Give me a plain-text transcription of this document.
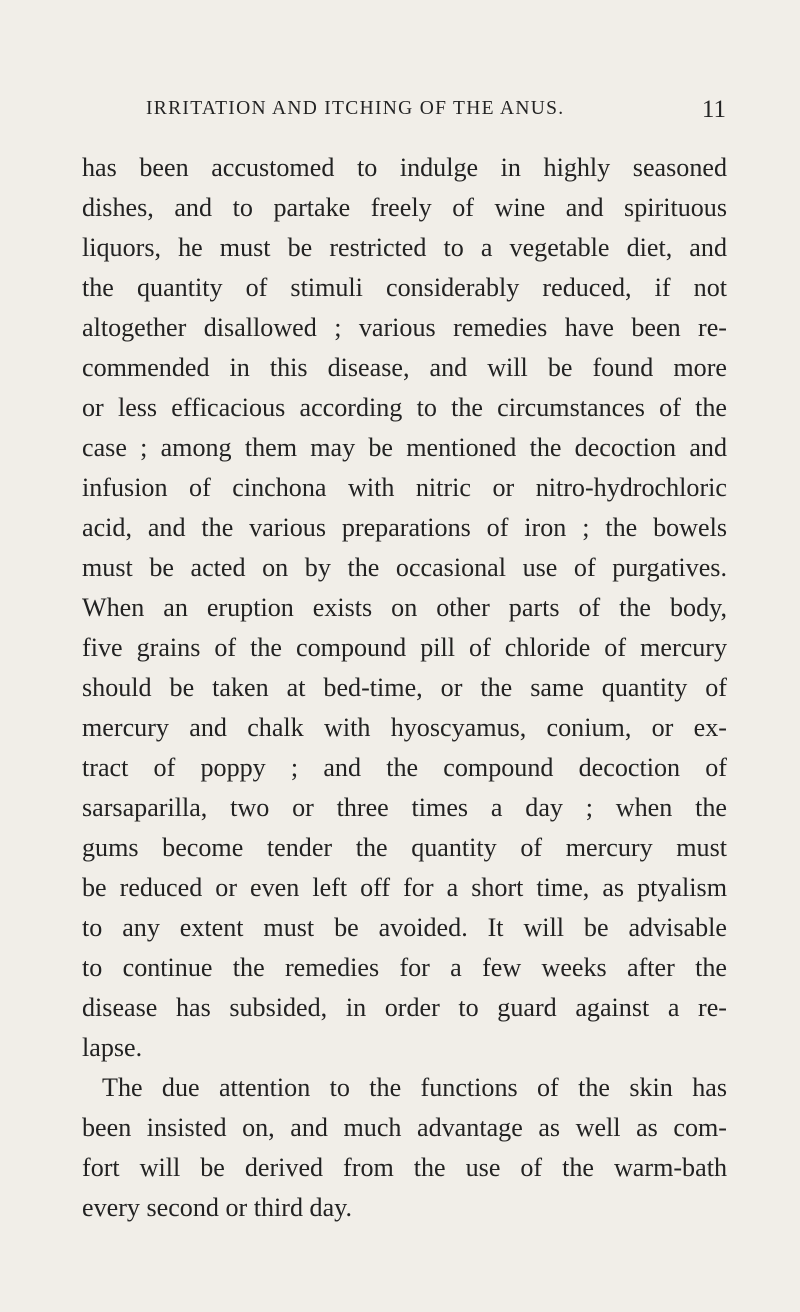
IRRITATION AND ITCHING OF THE ANUS.	11
has been accustomed to indulge in highly seasoned
dishes, and to partake freely of wine and spirituous
liquors, he must be restricted to a vegetable diet, and
the quantity of stimuli considerably reduced, if not
altogether disallowed ; various remedies have been re-
commended in this disease, and will be found more
or less efficacious according to the circumstances of the
case ; among them may be mentioned the decoction and
infusion of cinchona with nitric or nitro-hydrochloric
acid, and the various preparations of iron ; the bowels
must be acted on by the occasional use of purgatives.
When an eruption exists on other parts of the body,
five grains of the compound pill of chloride of mercury
should be taken at bed-time, or the same quantity of
mercury and chalk with hyoscyamus, conium, or ex-
tract of poppy ; and the compound decoction of
sarsaparilla, two or three times a day ; when the
gums become tender the quantity of mercury must
be reduced or even left off for a short time, as ptyalism
to any extent must be avoided. It will be advisable
to continue the remedies for a few weeks after the
disease has subsided, in order to guard against a re-
lapse.
The due attention to the functions of the skin has
been insisted on, and much advantage as well as com-
fort will be derived from the use of the warm-bath
every second or third day.
